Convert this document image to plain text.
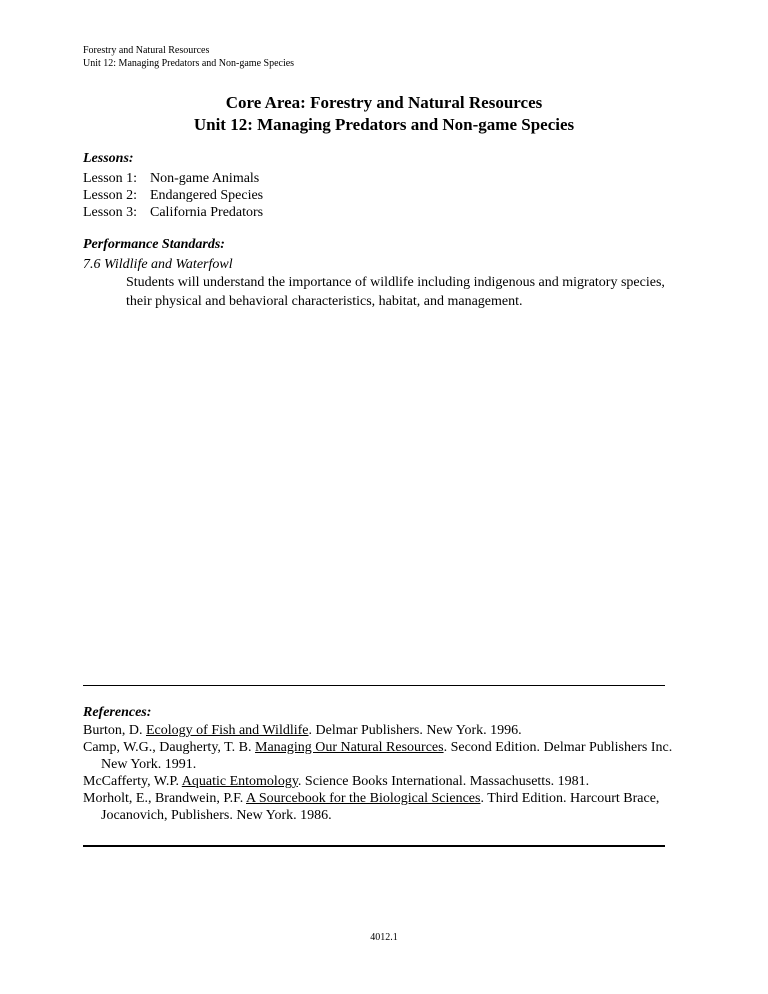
Forestry and Natural Resources
Unit 12: Managing Predators and Non-game Species
Core Area: Forestry and Natural Resources
Unit 12: Managing Predators and Non-game Species
Lessons:
Lesson 1: Non-game Animals
Lesson 2: Endangered Species
Lesson 3: California Predators
Performance Standards:
7.6 Wildlife and Waterfowl
Students will understand the importance of wildlife including indigenous and migratory species, their physical and behavioral characteristics, habitat, and management.
References:
Burton, D. Ecology of Fish and Wildlife. Delmar Publishers. New York. 1996.
Camp, W.G., Daugherty, T. B. Managing Our Natural Resources. Second Edition. Delmar Publishers Inc. New York. 1991.
McCafferty, W.P. Aquatic Entomology. Science Books International. Massachusetts. 1981.
Morholt, E., Brandwein, P.F. A Sourcebook for the Biological Sciences. Third Edition. Harcourt Brace, Jocanovich, Publishers. New York. 1986.
4012.1
